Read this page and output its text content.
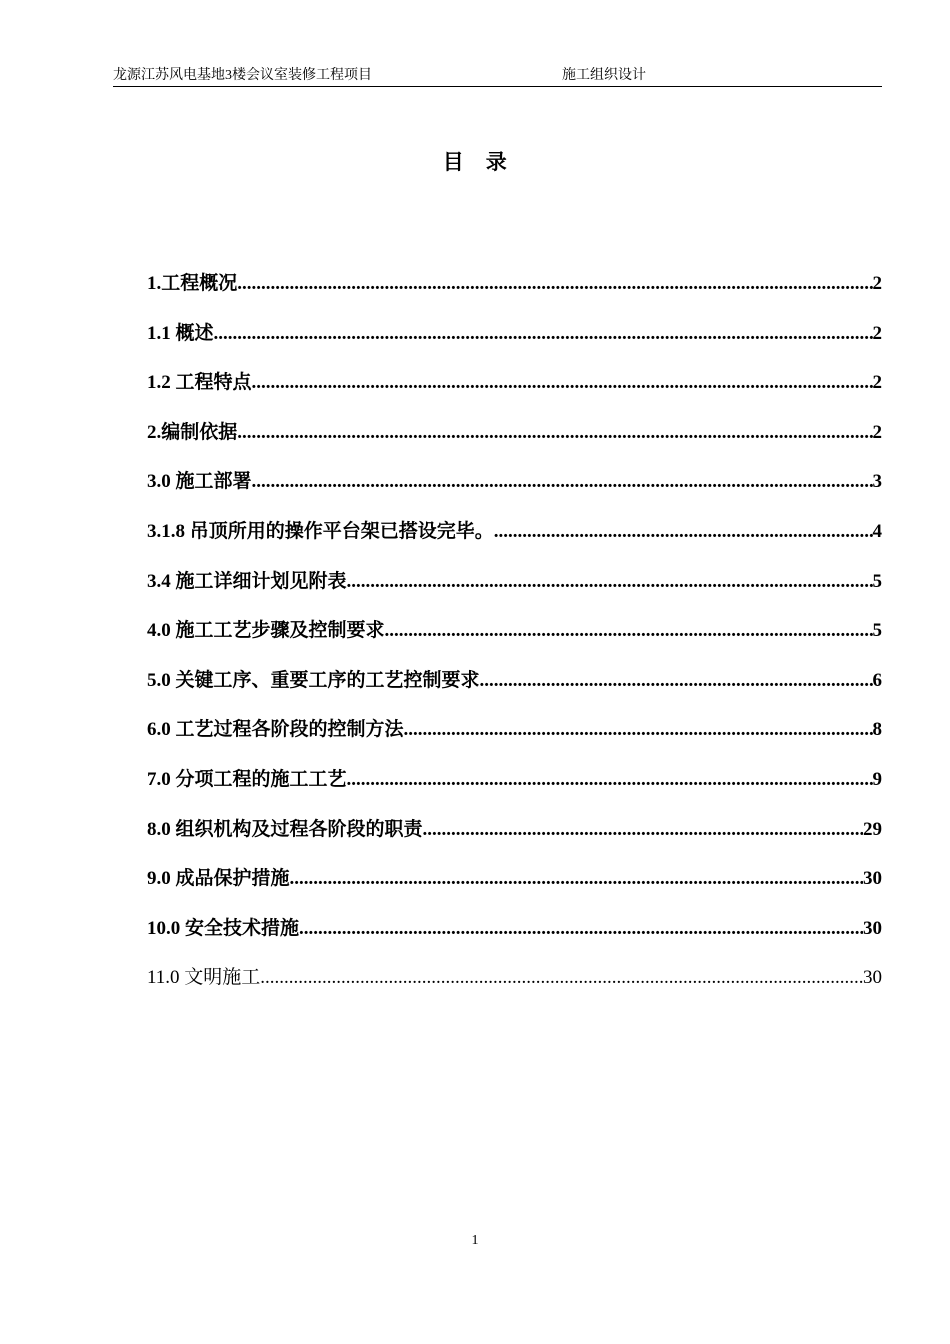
龙源江苏风电基地3楼会议室装修工程项目	施工组织设计
目　录
1.工程概况 .....	2
1.1 概述 .....	2
1.2 工程特点 .....	2
2.编制依据 .....	2
3.0 施工部署 .....	3
3.1.8 吊顶所用的操作平台架已搭设完毕。 .....	4
3.4 施工详细计划见附表 .....	5
4.0 施工工艺步骤及控制要求 .....	5
5.0 关键工序、重要工序的工艺控制要求 .....	6
6.0 工艺过程各阶段的控制方法 .....	8
7.0 分项工程的施工工艺 .....	9
8.0 组织机构及过程各阶段的职责 .....	29
9.0 成品保护措施 .....	30
10.0 安全技术措施 .....	30
11.0 文明施工 .....	30
1
